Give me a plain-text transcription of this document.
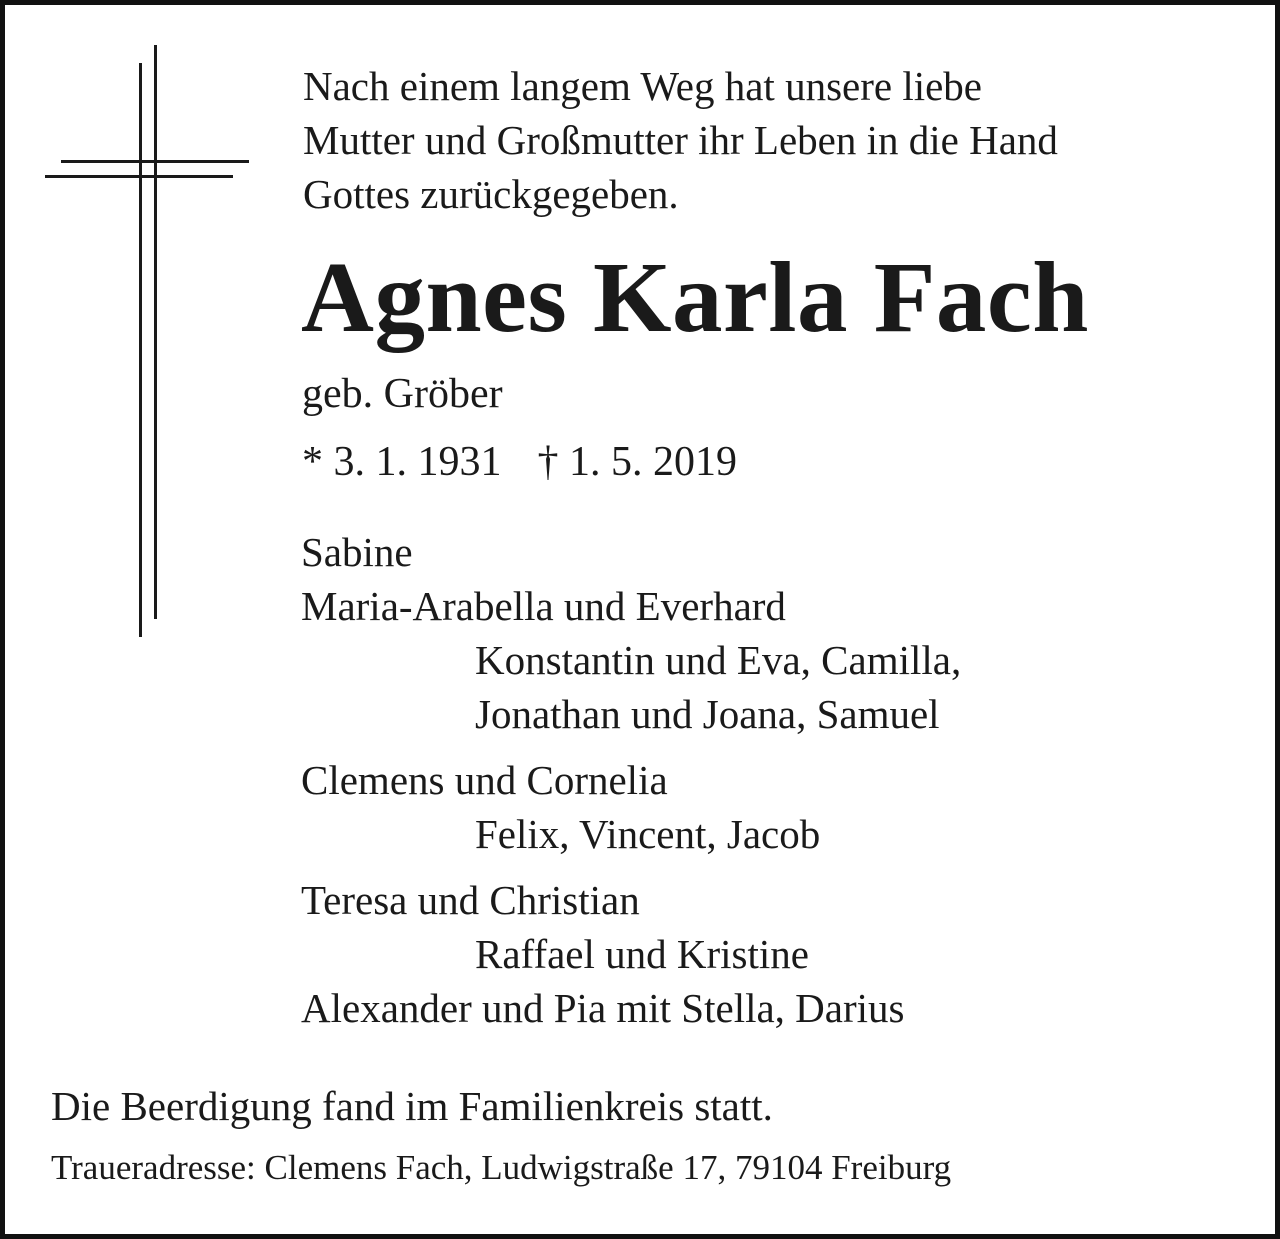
Nach einem langem Weg hat unsere liebe
Mutter und Großmutter ihr Leben in die Hand
Gottes zurückgegeben.
Agnes Karla Fach
geb. Gröber
* 3. 1. 1931 † 1. 5. 2019
Sabine
Maria-Arabella und Everhard
Konstantin und Eva, Camilla,
Jonathan und Joana, Samuel
Clemens und Cornelia
Felix, Vincent, Jacob
Teresa und Christian
Raffael und Kristine
Alexander und Pia mit Stella, Darius
Die Beerdigung fand im Familienkreis statt.
Traueradresse: Clemens Fach, Ludwigstraße 17, 79104 Freiburg
